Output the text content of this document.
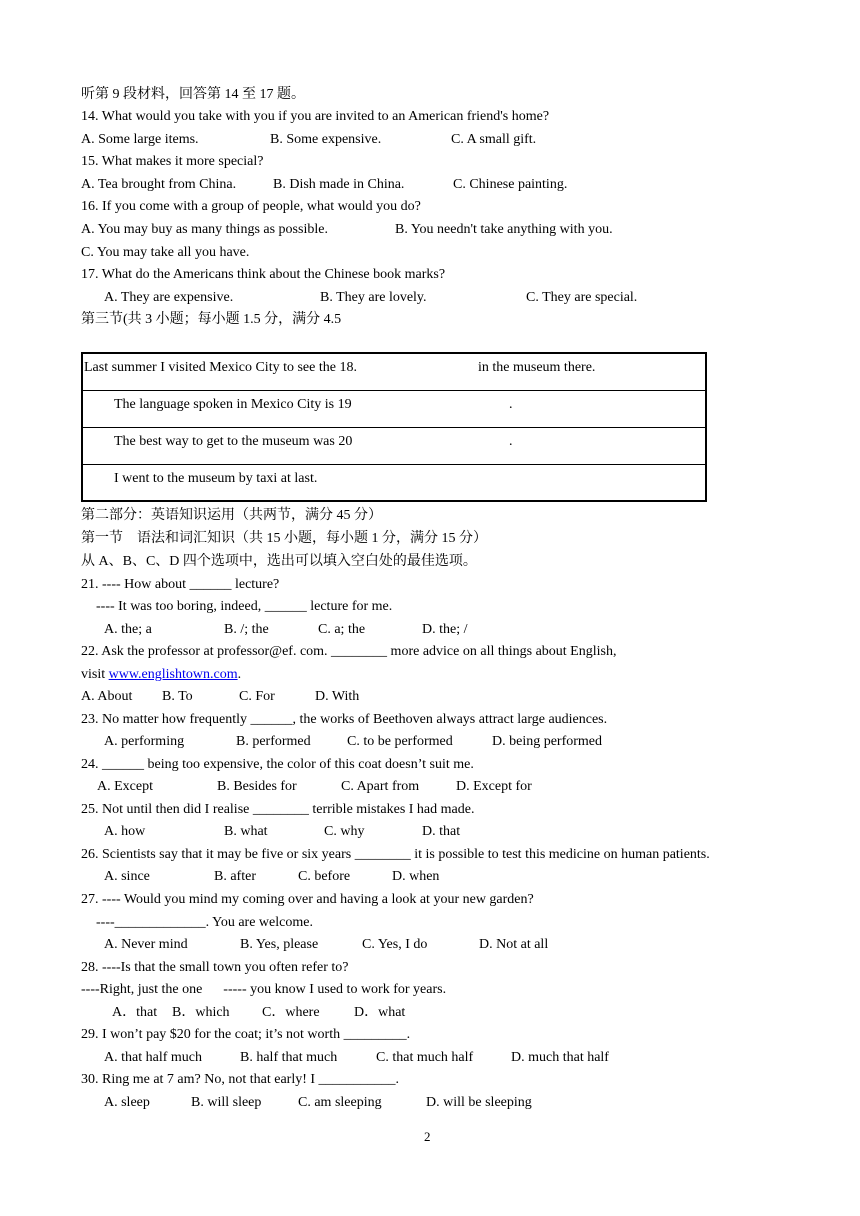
听第 9 段材料，回答第 14 至 17 题。
14. What would you take with you if you are invited to an American friend's home?
A. Some large items.	B. Some expensive.	C. A small gift.
15. What makes it more special?
A. Tea brought from China.	B. Dish made in China.	C. Chinese painting.
16. If you come with a group of people, what would you do?
A. You may buy as many things as possible.	B. You needn't take anything with you.
C. You may take all you have.
17. What do the Americans think about the Chinese book marks?
A. They are expensive.	B. They are lovely.	C. They are special.
第三节(共 3 小题；每小题 1.5 分，满分 4.5
Last summer I visited Mexico City to see the 18.	in the museum there.
The language spoken in Mexico City is 19	.
The best way to get to the museum was 20	.
I went to the museum by taxi at last.
第二部分：英语知识运用（共两节，满分 45 分）
第一节　语法和词汇知识（共 15 小题，每小题 1 分，满分 15 分）
从 A、B、C、D 四个选项中，选出可以填入空白处的最佳选项。
21. ---- How about ______ lecture?
---- It was too boring, indeed, ______ lecture for me.
A. the; a	B. /; the	C. a; the	D. the; /
22. Ask the professor at professor@ef. com. ________ more advice on all things about English,
visit www.englishtown.com.
A. About B. To	C. For	D. With
23. No matter how frequently ______, the works of Beethoven always attract large audiences.
A. performing	B. performed	C. to be performed	D. being performed
24. ______ being too expensive, the color of this coat doesn’t suit me.
A. Except	B. Besides for	C. Apart from	D. Except for
25. Not until then did I realise ________ terrible mistakes I had made.
A. how	B. what	C. why	D. that
26. Scientists say that it may be five or six years ________ it is possible to test this medicine on human patients.
A. since	B. after	C. before	D. when
27. ---- Would you mind my coming over and having a look at your new garden?
----_____________. You are welcome.
A. Never mind	B. Yes, please	C. Yes, I do	D. Not at all
28. ----Is that the small town you often refer to?
----Right, just the one      ----- you know I used to work for years.
A．that B．which C．where D．what
29. I won’t pay $20 for the coat; it’s not worth _________.
A. that half much	B. half that much	C. that much half	D. much that half
30. Ring me at 7 am? No, not that early! I ___________.
A. sleep	B. will sleep	C. am sleeping	D. will be sleeping
2
